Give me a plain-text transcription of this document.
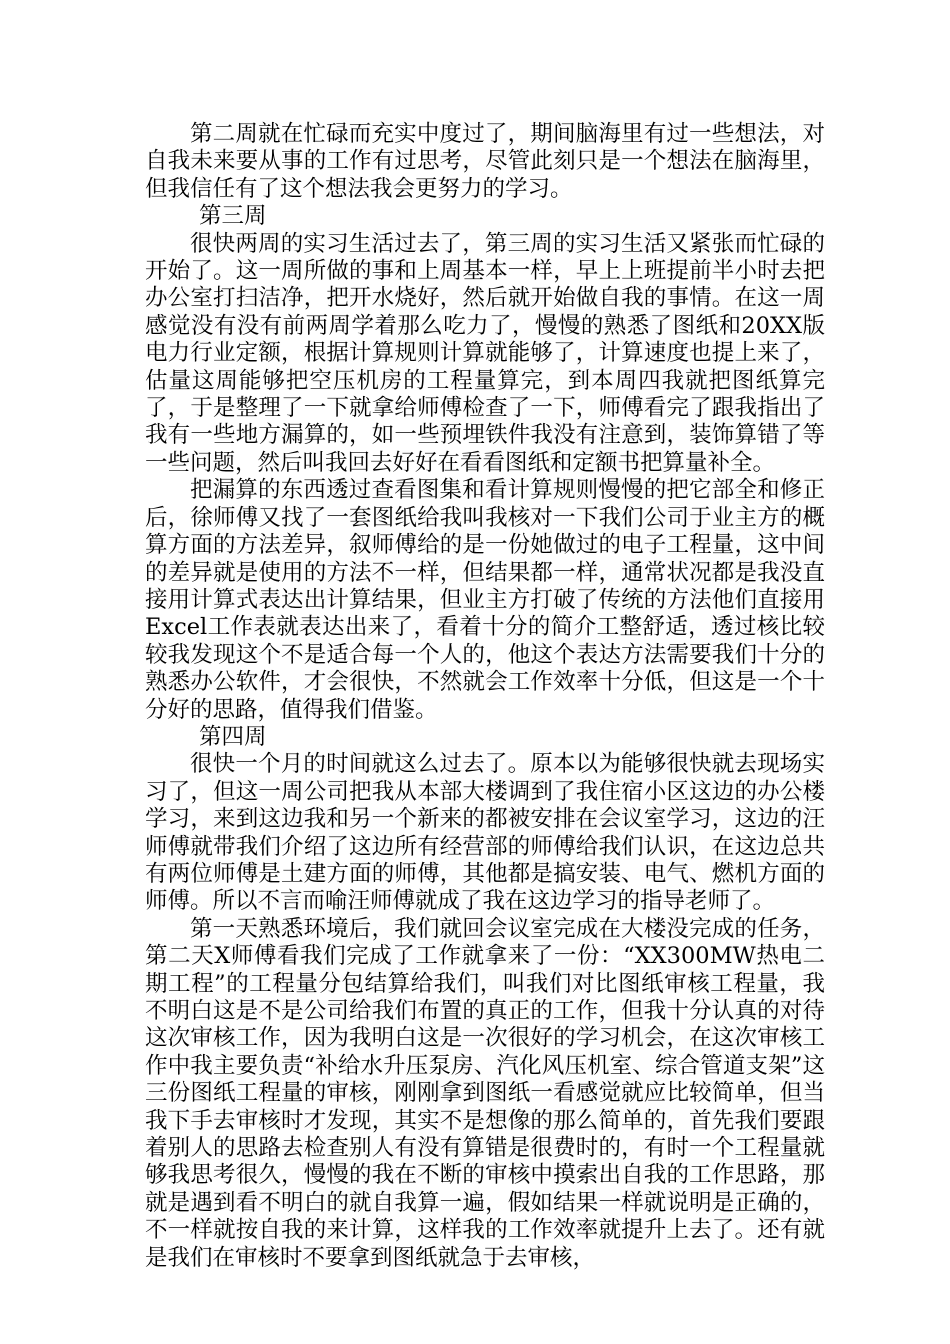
第二周就在忙碌而充实中度过了，期间脑海里有过一些想法，对自我未来要从事的工作有过思考，尽管此刻只是一个想法在脑海里，但我信任有了这个想法我会更努力的学习。

第三周

很快两周的实习生活过去了，第三周的实习生活又紧张而忙碌的开始了。这一周所做的事和上周基本一样，早上上班提前半小时去把办公室打扫洁净，把开水烧好，然后就开始做自我的事情。在这一周感觉没有没有前两周学着那么吃力了，慢慢的熟悉了图纸和20XX版电力行业定额，根据计算规则计算就能够了，计算速度也提上来了，估量这周能够把空压机房的工程量算完，到本周四我就把图纸算完了，于是整理了一下就拿给师傅检查了一下，师傅看完了跟我指出了我有一些地方漏算的，如一些预埋铁件我没有注意到，装饰算错了等一些问题，然后叫我回去好好在看看图纸和定额书把算量补全。

把漏算的东西透过查看图集和看计算规则慢慢的把它部全和修正后，徐师傅又找了一套图纸给我叫我核对一下我们公司于业主方的概算方面的方法差异，叙师傅给的是一份她做过的电子工程量，这中间的差异就是使用的方法不一样，但结果都一样，通常状况都是我没直接用计算式表达出计算结果，但业主方打破了传统的方法他们直接用Excel工作表就表达出来了，看着十分的简介工整舒适，透过核比较较我发现这个不是适合每一个人的，他这个表达方法需要我们十分的熟悉办公软件，才会很快，不然就会工作效率十分低，但这是一个十分好的思路，值得我们借鉴。

第四周

很快一个月的时间就这么过去了。原本以为能够很快就去现场实习了，但这一周公司把我从本部大楼调到了我住宿小区这边的办公楼学习，来到这边我和另一个新来的都被安排在会议室学习，这边的汪师傅就带我们介绍了这边所有经营部的师傅给我们认识，在这边总共有两位师傅是土建方面的师傅，其他都是搞安装、电气、燃机方面的师傅。所以不言而喻汪师傅就成了我在这边学习的指导老师了。

第一天熟悉环境后，我们就回会议室完成在大楼没完成的任务，第二天X师傅看我们完成了工作就拿来了一份：“XX300MW热电二期工程”的工程量分包结算给我们，叫我们对比图纸审核工程量，我不明白这是不是公司给我们布置的真正的工作，但我十分认真的对待这次审核工作，因为我明白这是一次很好的学习机会，在这次审核工作中我主要负责“补给水升压泵房、汽化风压机室、综合管道支架”这三份图纸工程量的审核，刚刚拿到图纸一看感觉就应比较简单，但当我下手去审核时才发现，其实不是想像的那么简单的，首先我们要跟着别人的思路去检查别人有没有算错是很费时的，有时一个工程量就够我思考很久，慢慢的我在不断的审核中摸索出自我的工作思路，那就是遇到看不明白的就自我算一遍，假如结果一样就说明是正确的，不一样就按自我的来计算，这样我的工作效率就提升上去了。还有就是我们在审核时不要拿到图纸就急于去审核，
